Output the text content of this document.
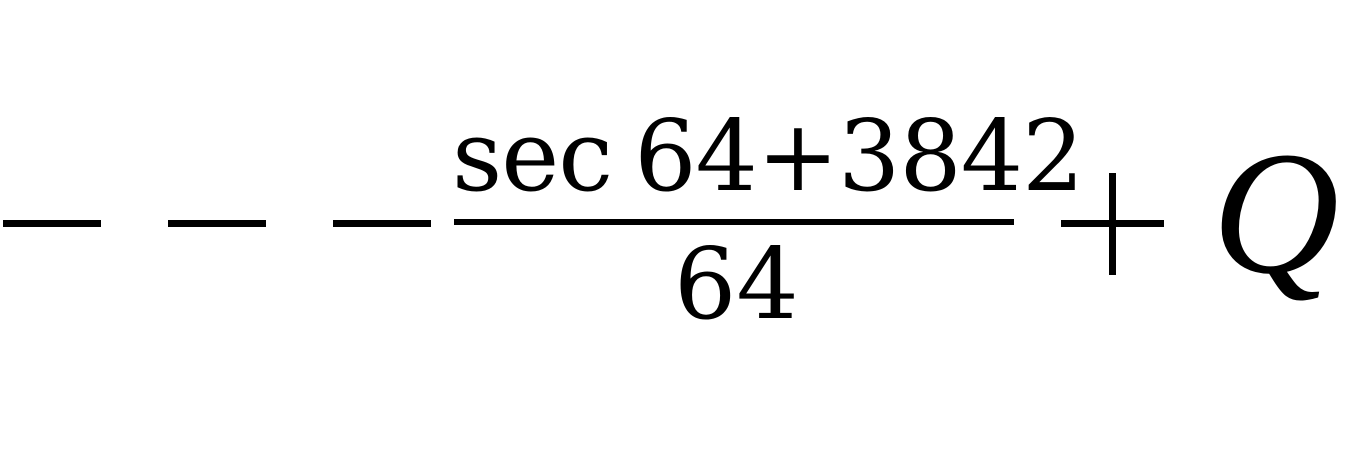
sec 64+3842
64 Q
